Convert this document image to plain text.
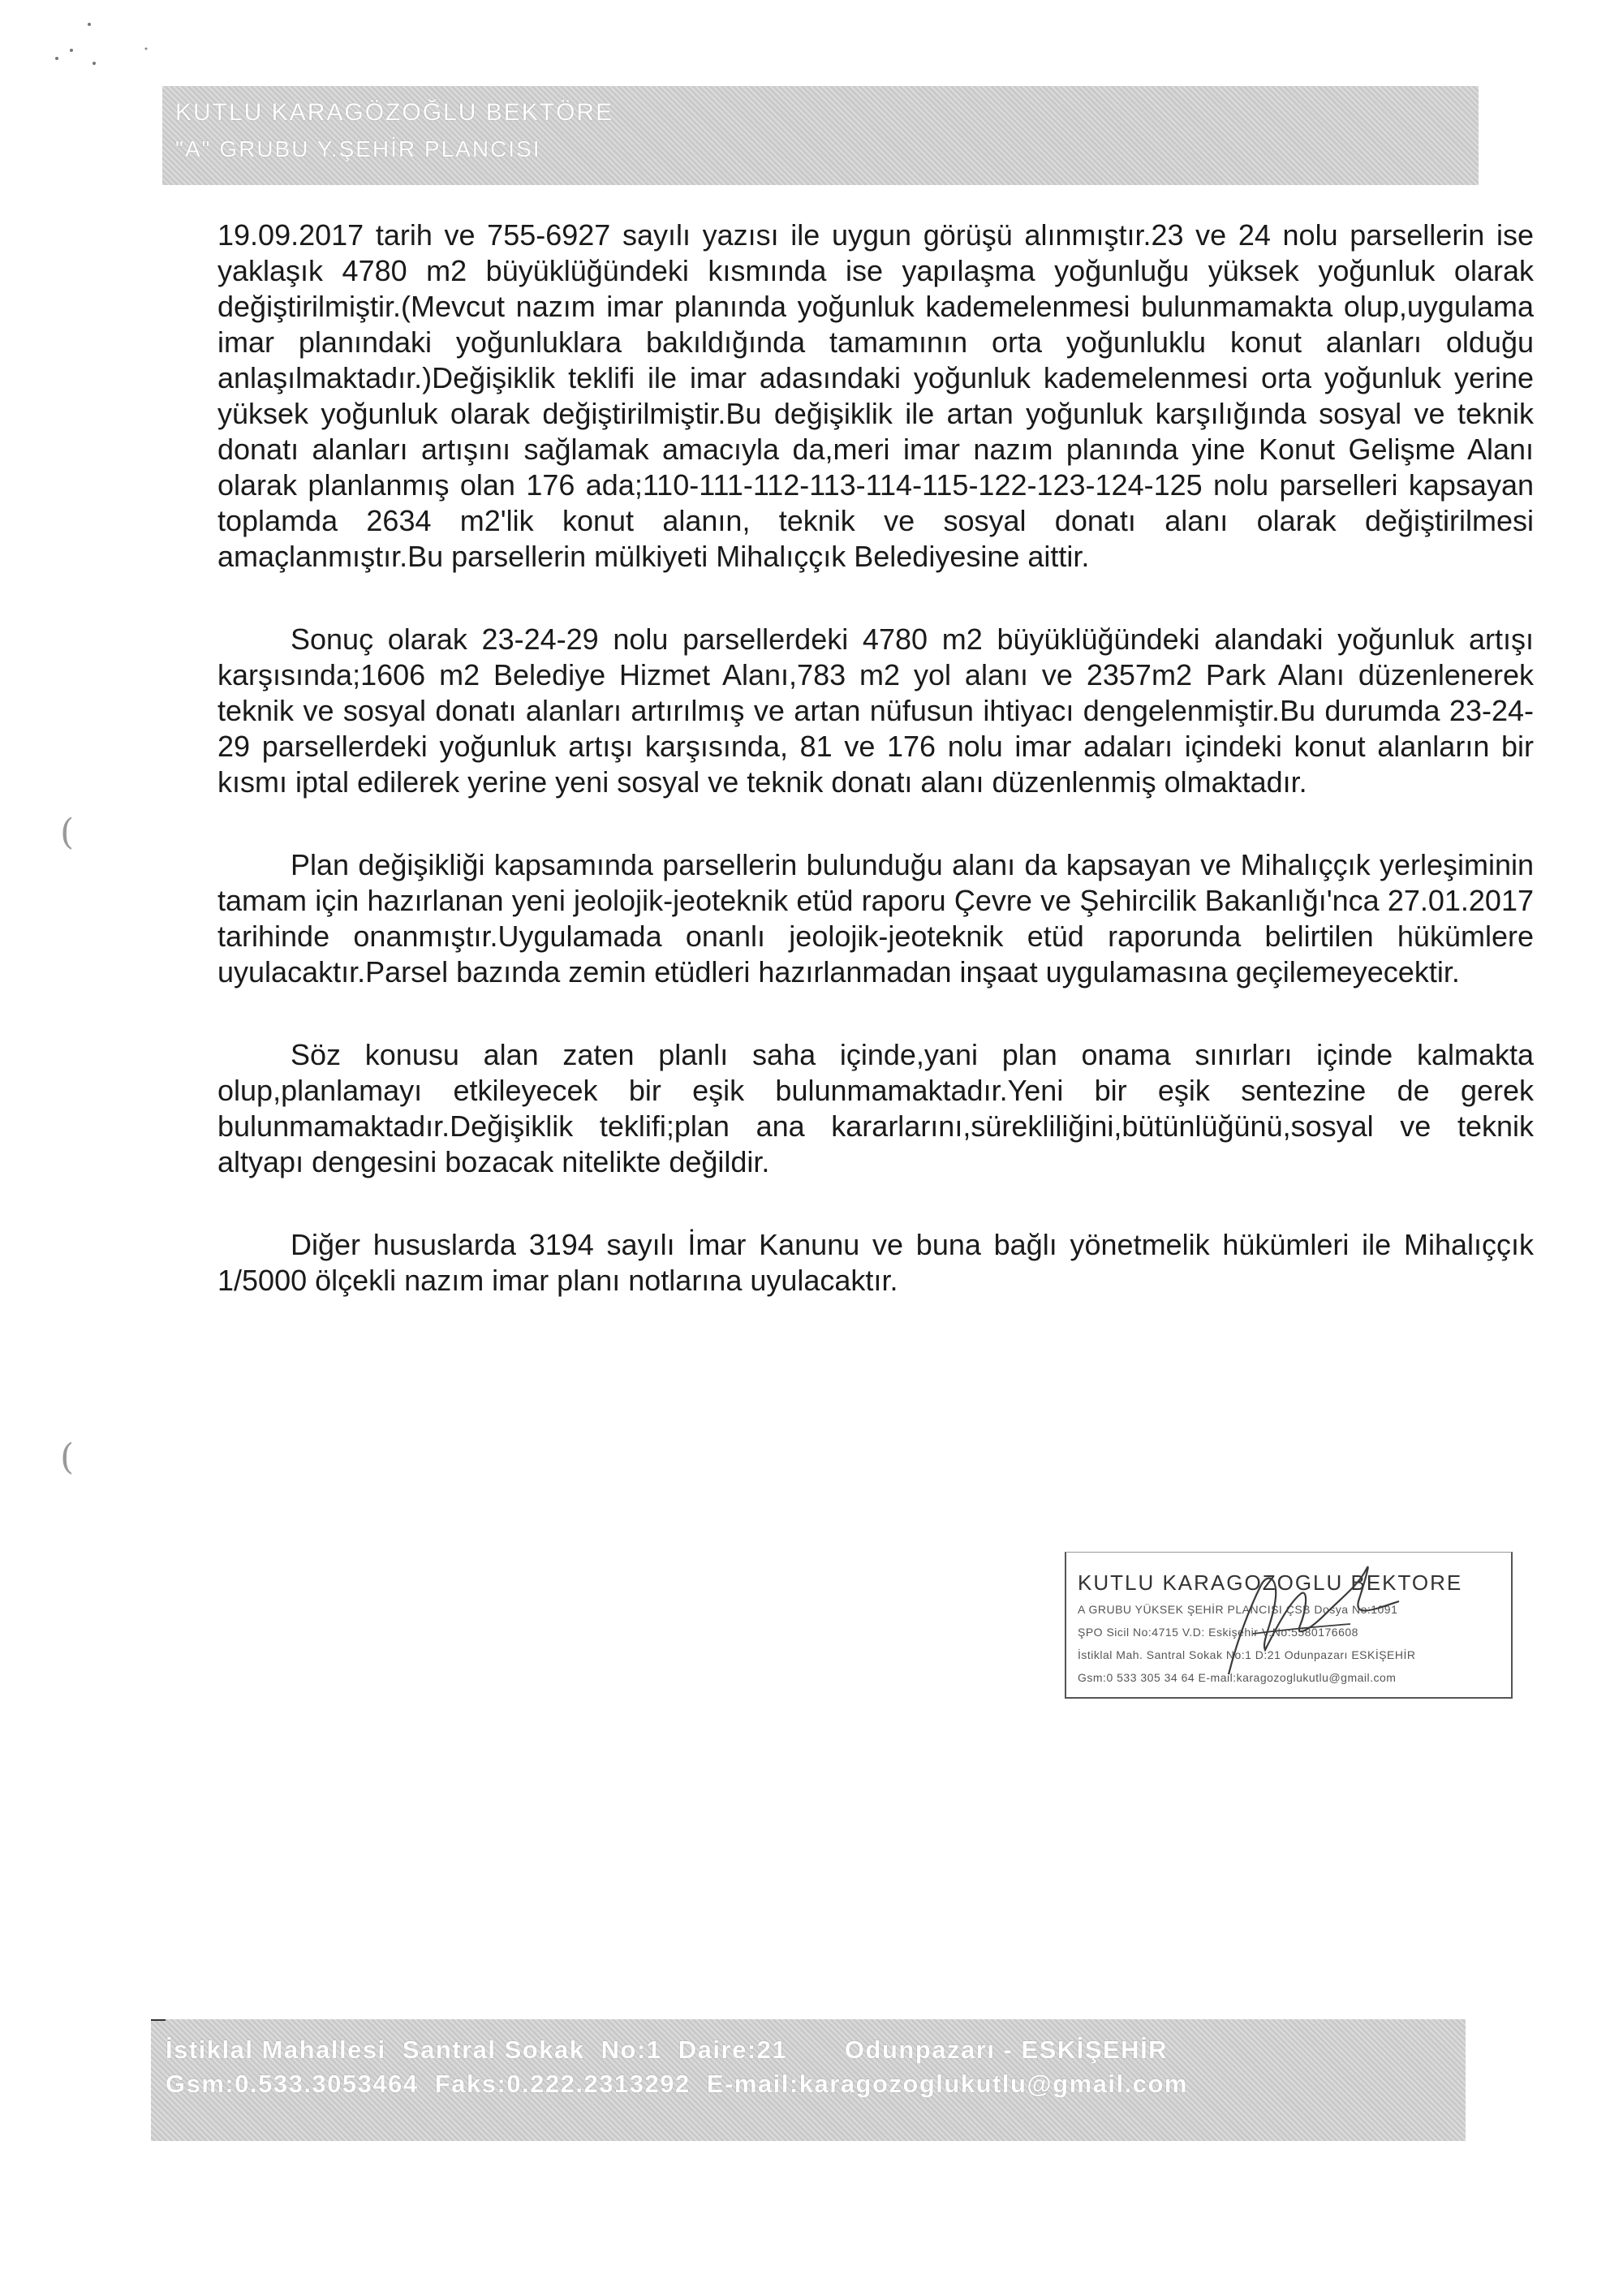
KUTLU KARAGÖZOĞLU BEKTÖRE
"A" GRUBU Y.ŞEHİR PLANCISI

19.09.2017 tarih ve 755-6927 sayılı yazısı ile uygun görüşü alınmıştır.23 ve 24 nolu parsellerin ise yaklaşık 4780 m2 büyüklüğündeki kısmında ise yapılaşma yoğunluğu yüksek yoğunluk olarak değiştirilmiştir.(Mevcut nazım imar planında yoğunluk kademelenmesi bulunmamakta olup,uygulama imar planındaki yoğunluklara bakıldığında tamamının orta yoğunluklu konut alanları olduğu anlaşılmaktadır.)Değişiklik teklifi ile imar adasındaki yoğunluk kademelenmesi orta yoğunluk yerine yüksek yoğunluk olarak değiştirilmiştir.Bu değişiklik ile artan yoğunluk karşılığında sosyal ve teknik donatı alanları artışını sağlamak amacıyla da,meri imar nazım planında yine Konut Gelişme Alanı olarak planlanmış olan 176 ada;110-111-112-113-114-115-122-123-124-125 nolu parselleri kapsayan toplamda 2634 m2'lik konut alanın, teknik ve sosyal donatı alanı olarak değiştirilmesi amaçlanmıştır.Bu parsellerin mülkiyeti Mihalıççık Belediyesine aittir.

Sonuç olarak 23-24-29 nolu parsellerdeki 4780 m2 büyüklüğündeki alandaki yoğunluk artışı karşısında;1606 m2 Belediye Hizmet Alanı,783 m2 yol alanı ve 2357m2 Park Alanı düzenlenerek teknik ve sosyal donatı alanları artırılmış ve artan nüfusun ihtiyacı dengelenmiştir.Bu durumda 23-24-29 parsellerdeki yoğunluk artışı karşısında, 81 ve 176 nolu imar adaları içindeki konut alanların bir kısmı iptal edilerek yerine yeni sosyal ve teknik donatı alanı düzenlenmiş olmaktadır.

Plan değişikliği kapsamında parsellerin bulunduğu alanı da kapsayan ve Mihalıççık yerleşiminin tamam için hazırlanan yeni jeolojik-jeoteknik etüd raporu Çevre ve Şehircilik Bakanlığı'nca 27.01.2017 tarihinde onanmıştır.Uygulamada onanlı jeolojik-jeoteknik etüd raporunda belirtilen hükümlere uyulacaktır.Parsel bazında zemin etüdleri hazırlanmadan inşaat uygulamasına geçilemeyecektir.

Söz konusu alan zaten planlı saha içinde,yani plan onama sınırları içinde kalmakta olup,planlamayı etkileyecek bir eşik bulunmamaktadır.Yeni bir eşik sentezine de gerek bulunmamaktadır.Değişiklik teklifi;plan ana kararlarını,sürekliliğini,bütünlüğünü,sosyal ve teknik altyapı dengesini bozacak nitelikte değildir.

Diğer hususlarda 3194 sayılı İmar Kanunu ve buna bağlı yönetmelik hükümleri ile Mihalıççık 1/5000 ölçekli nazım imar planı notlarına uyulacaktır.

(
(
KUTLU KARAGOZOGLU BEKTORE
A GRUBU YÜKSEK ŞEHİR PLANCISI ÇSB Dosya No:1091
ŞPO Sicil No:4715 V.D: Eskişehir V.No:5580176608
İstiklal Mah. Santral Sokak No:1 D:21 Odunpazarı ESKİŞEHİR
Gsm:0 533 305 34 64 E-mail:karagozoglukutlu@gmail.com
İstiklal Mahallesi  Santral Sokak  No:1  Daire:21       Odunpazarı - ESKİŞEHİR
Gsm:0.533.3053464  Faks:0.222.2313292  E-mail:karagozoglukutlu@gmail.com
